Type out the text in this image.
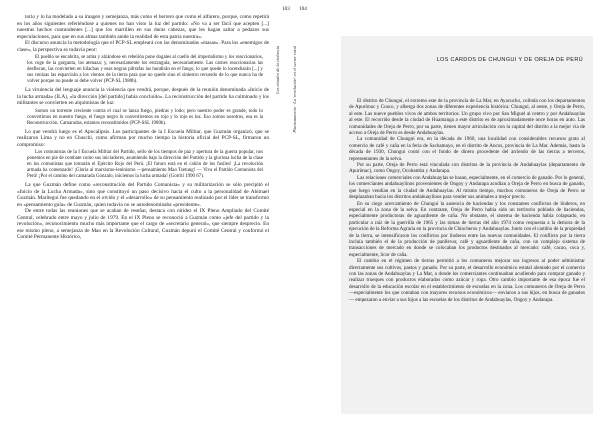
103
Los rituales de la violencia

torio y lo ha modelado a su imagen y semejanza, más como el herrero que como el alfarero, porque, como repetirá en los años siguientes referiéndose a quienes no han visto la luz del partido: «No va a ser fácil que acepten [...] nuestras hechos contundentes [...] que los martillen en sus duras cabezas, que les hagan saltar a pedazos sus especulaciones, para que en sus almas también anide la realidad de esta patria nuestra».

El discurso anuncia la metodología que el PCP-SL empleará con las denominadas «masas». Para los «enemigos de clase», la perspectiva es todavía peor:

El pueblo se encabrita, se arma y alzándose en rebelión pone dogales al cuello del imperialismo y los reaccionarios, los coge de la garganta, los atenaza; y, necesariamente los estrangula, necesariamente. Las carnes reaccionarias las desflecan, las convierten en hilachas y esas negras piltrafas las hundirán en el fango, lo que quede lo incendiarán [...] y sus cenizas las esparcirán a los vientos de la tierra para que no quede sino el siniestro recuerdo de lo que nunca ha de volver porque no puede ni debe volver (PCP-SL 1980b).

La virulencia del lenguaje anuncia la violencia que vendrá, porque, después de la reunión denominada «Inicio de la lucha armada» (ILA), «la dirección [del partido] había concluido». La reconstrucción del partido ha culminado y los militantes se convierten en alquimistas de luz:

Somos un torrente creciente contra el cual se lanza fuego, piedras y lodo; pero nuestro poder es grande, todo lo convertimos en nuestro fuego, el fuego negro lo convertiremos en rojo y lo rojo es luz. Eso somos nosotros, esa es la Reconstrucción. Camaradas, estamos reconstituidos (PCP-SSL 1980b).

Lo que vendrá luego es el Apocalipsis. Los participantes de la I Escuela Militar, que Guzmán organizó, que se realizaron Lima y no en Chuschi, como afirman por mucho tiempo la historia oficial del PCP-SL, firmaron un compromiso:

Los comunistas de la I Escuela Militar del Partido, sello de los tiempos de paz y apertura de la guerra popular, nos ponemos en pie de combate como sus iniciadores, asumiendo bajo la dirección del Partido y la gloriosa lucha de la clase en los comunistas que tomarán el Ejército Rojo del Perú. ¡El futuro está en el cañón de los fusiles! ¡La revolución armada ha comenzado! ¡Gloria al marxismo-leninismo —pensamiento Mao Tsetung! — Viva el Partido Comunista del Perú! ¡Por el camino del camarada Gonzalo, iniciemos la lucha armada! (Gorriti 1990 67).

La que Guzmán define como «reconstitución del Partido Comunista» y su militarización se sólo precipitó el «Inicio de la Lucha Armada», sino que constituyó un paso decisivo hacia el culto a la personalidad de Abimael Guzmán. Marítegui fue quedando en el olvido y el «desarrollo» de su pensamiento realizado por el líder se transformó en «pensamiento guía» de Guzmán, quien todavía no se autodenominaba «presidente».

De entre todas las reuniones que se acaban de reseñar, destaca con nitidez el IX Pleno Ampliado del Comité Central, celebrado entre mayo y julio de 1979. En el IX Pleno se reconoció a Guzmán como «jefe del partido y la revolución», reconocimiento mucho más importante que el cargo de «secretario general», que siempre desprecio. En ese mismo pleno, a semejanza de Mao en la Revolución Cultural, Guzmán depuró el Comité Central y conformó el Comité Permanente Histórico,

104
Planteamiento · La 'revolución' en el sector rural	LOS CARDOS DE CHUNGUI Y DE OREJA DE PERÚ

El distrito de Chungui, el extremo este de la provincia de La Mar, en Ayacucho, colinda con los departamentos de Apurímac y Cusco, y alberga dos zonas de diferentes experiencia histórica: Chungui, al oeste, y Oreja de Perro, al este. Las nueve pueblos vivos de ambos territorios. Un grupo vivo por San Miguel al centro y por Andahuaylas al este. El recorrido desde la ciudad de Huamanga a este distrito es de aproximadamente once horas en auto. Las comunidades de Oreja de Perro, por su parte, tienen mayor articulación con la capital del distrito a la mejor vía de acceso a Oreja de Perro es desde Andahuaylas.

La comunidad de Chungui era, en la década de 1960, una localidad con considerables recursos grato al comercio de café y caña en la feria de Sachamayo, en el distrito de Ancos, provincia de La Mar. Además, hasta la década de 1930, Chungui contó con el fondo de dinero procedente del arriendo de las tierras a terceros, representantes de la selva.

Por su parte, Oreja de Perro está vinculada con distritos de la provincia de Andahuaylas (departamento de Apurímac), como Ongoy, Ocobamba y Andarapa.

Las relaciones comerciales con Andahuaylas se basan, especialmente, en el comercio de ganado. Por lo general, los comerciantes andahuaylinos provenientes de Ongoy y Andarapa acudían a Oreja de Perro en busca de ganado, que luego vendían en la ciudad de Andahuaylas. Al mismo tiempo, muchos comuneros de Oreja de Perro se desplazaban hacia los distritos andahuaylinos para vender sus animales a mejor precio.

En su ciego acercamiento de Chungui la ausencia de haciendas y los constantes conflictos de linderos, en especial en la zona de la selva. En contraste, Oreja de Perro había sido un territorio poblado de haciendas, especialmente productoras de aguardiente de caña. No obstante, el sistema de hacienda había colapsado, en particular a raíz de la guerrilla de 1965 y las tomas de tierras del año 1974 como respuesta a la demora de la ejecución de la Reforma Agraria en la provincia de Chincheros y Andahuaylas. Junto con el cambio de la propiedad de la tierra, se intensificaron los conflictos por linderos entre las nuevas comunidades. El conflicto por la tierra incluía también el de la producción de panllevar, café y aguardiente de caña, con un complejo sistema de transacciones de mercado en donde se colocaban los productos destinados al mercado: café, cacao, coca y, especialmente, licor de caña.

El cambio en el régimen de tierras permitió a los comuneros mejorar sus ingresos al poder administrar directamente sus cultivos, pastos y ganado. Por su parte, el desarrollo económico estatal alentado por el comercio con las zonas de Andahuaylas y La Mar, a donde los comerciantes continuaban acudiendo para comprar ganado y realizar trueques con productos elaborados como azúcar y ropa. Otro cambio importante de esa época fue el desarrollo de la educación escolar en el establecimiento de escuelas en la zona. Los comuneros de Oreja de Perro —especialmente los que contaban con mayores recursos económicos— enviaron a sus hijos, en busca de ganados— empezaron a enviar a sus hijos a las escuelas de los distritos de Andahuaylas, Ongoy y Andarapa.
